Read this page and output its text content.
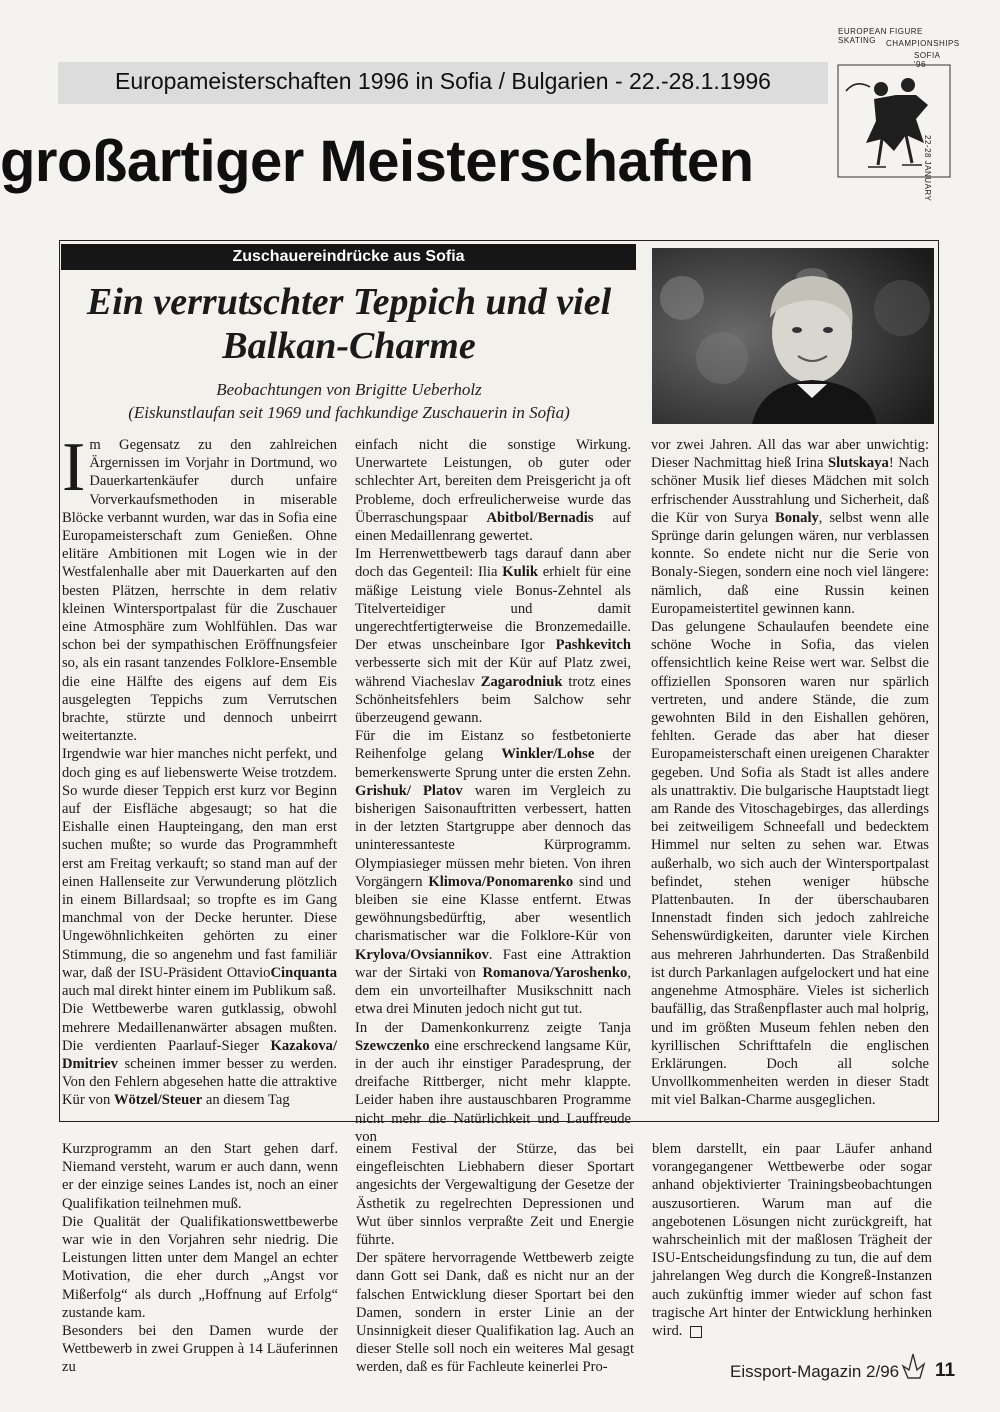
Europameisterschaften 1996 in Sofia / Bulgarien - 22.-28.1.1996
großartiger Meisterschaften
EUROPEAN FIGURE SKATING	CHAMPIONSHIPS
SOFIA '96
22-28 JANUARY
Zuschauereindrücke aus Sofia
Ein verrutschter Teppich und viel
Balkan-Charme
Beobachtungen von Brigitte Ueberholz
(Eiskunstlaufan seit 1969 und fachkundige Zuschauerin in Sofia)

Im Gegensatz zu den zahlreichen Ärgernissen im Vorjahr in Dortmund, wo Dauerkartenkäufer durch unfaire Vorverkaufsmethoden in miserable Blöcke verbannt wurden, war das in Sofia eine Europameisterschaft zum Genießen. Ohne elitäre Ambitionen mit Logen wie in der Westfalenhalle aber mit Dauerkarten auf den besten Plätzen, herrschte in dem relativ kleinen Wintersportpalast für die Zuschauer eine Atmosphäre zum Wohlfühlen. Das war schon bei der sympathischen Eröffnungsfeier so, als ein rasant tanzendes Folklore-Ensemble die eine Hälfte des eigens auf dem Eis ausgelegten Teppichs zum Verrutschen brachte, stürzte und dennoch unbeirrt weitertanzte.

Irgendwie war hier manches nicht perfekt, und doch ging es auf liebenswerte Weise trotzdem. So wurde dieser Teppich erst kurz vor Beginn auf der Eisfläche abgesaugt; so hat die Eishalle einen Haupteingang, den man erst suchen mußte; so wurde das Programmheft erst am Freitag verkauft; so stand man auf der einen Hallenseite zur Verwunderung plötzlich in einem Billardsaal; so tropfte es im Gang manchmal von der Decke herunter. Diese Ungewöhnlichkeiten gehörten zu einer Stimmung, die so angenehm und fast familiär war, daß der ISU-Präsident OttavioCinquanta auch mal direkt hinter einem im Publikum saß.

Die Wettbewerbe waren gutklassig, obwohl mehrere Medaillenanwärter absagen mußten. Die verdienten Paarlauf-Sieger Kazakova/ Dmitriev scheinen immer besser zu werden. Von den Fehlern abgesehen hatte die attraktive Kür von Wötzel/Steuer an diesem Tag

einfach nicht die sonstige Wirkung. Unerwartete Leistungen, ob guter oder schlechter Art, bereiten dem Preisgericht ja oft Probleme, doch erfreulicherweise wurde das Überraschungspaar Abitbol/Bernadis auf einen Medaillenrang gewertet.

Im Herrenwettbewerb tags darauf dann aber doch das Gegenteil: Ilia Kulik erhielt für eine mäßige Leistung viele Bonus-Zehntel als Titelverteidiger und damit ungerechtfertigterweise die Bronzemedaille. Der etwas unscheinbare Igor Pashkevitch verbesserte sich mit der Kür auf Platz zwei, während Viacheslav Zagarodniuk trotz eines Schönheitsfehlers beim Salchow sehr überzeugend gewann.

Für die im Eistanz so festbetonierte Reihenfolge gelang Winkler/Lohse der bemerkenswerte Sprung unter die ersten Zehn. Grishuk/ Platov waren im Vergleich zu bisherigen Saisonauftritten verbessert, hatten in der letzten Startgruppe aber dennoch das uninteressanteste Kürprogramm. Olympiasieger müssen mehr bieten. Von ihren Vorgängern Klimova/Ponomarenko sind und bleiben sie eine Klasse entfernt. Etwas gewöhnungsbedürftig, aber wesentlich charismatischer war die Folklore-Kür von Krylova/Ovsiannikov. Fast eine Attraktion war der Sirtaki von Romanova/Yaroshenko, dem ein unvorteilhafter Musikschnitt nach etwa drei Minuten jedoch nicht gut tut.

In der Damenkonkurrenz zeigte Tanja Szewczenko eine erschreckend langsame Kür, in der auch ihr einstiger Paradesprung, der dreifache Rittberger, nicht mehr klappte. Leider haben ihre austauschbaren Programme nicht mehr die Natürlichkeit und Lauffreude von

vor zwei Jahren. All das war aber unwichtig: Dieser Nachmittag hieß Irina Slutskaya! Nach schöner Musik lief dieses Mädchen mit solch erfrischender Ausstrahlung und Sicherheit, daß die Kür von Surya Bonaly, selbst wenn alle Sprünge darin gelungen wären, nur verblassen konnte. So endete nicht nur die Serie von Bonaly-Siegen, sondern eine noch viel längere: nämlich, daß eine Russin keinen Europameistertitel gewinnen kann.

Das gelungene Schaulaufen beendete eine schöne Woche in Sofia, das vielen offensichtlich keine Reise wert war. Selbst die offiziellen Sponsoren waren nur spärlich vertreten, und andere Stände, die zum gewohnten Bild in den Eishallen gehören, fehlten. Gerade das aber hat dieser Europameisterschaft einen ureigenen Charakter gegeben. Und Sofia als Stadt ist alles andere als unattraktiv. Die bulgarische Hauptstadt liegt am Rande des Vitoschagebirges, das allerdings bei zeitweiligem Schneefall und bedecktem Himmel nur selten zu sehen war. Etwas außerhalb, wo sich auch der Wintersportpalast befindet, stehen weniger hübsche Plattenbauten. In der überschaubaren Innenstadt finden sich jedoch zahlreiche Sehenswürdigkeiten, darunter viele Kirchen aus mehreren Jahrhunderten. Das Straßenbild ist durch Parkanlagen aufgelockert und hat eine angenehme Atmosphäre. Vieles ist sicherlich baufällig, das Straßenpflaster auch mal holprig, und im größten Museum fehlen neben den kyrillischen Schrifttafeln die englischen Erklärungen. Doch all solche Unvollkommenheiten werden in dieser Stadt mit viel Balkan-Charme ausgeglichen.

Kurzprogramm an den Start gehen darf. Niemand versteht, warum er auch dann, wenn er der einzige seines Landes ist, noch an einer Qualifikation teilnehmen muß.

Die Qualität der Qualifikationswettbewerbe war wie in den Vorjahren sehr niedrig. Die Leistungen litten unter dem Mangel an echter Motivation, die eher durch „Angst vor Mißerfolg“ als durch „Hoffnung auf Erfolg“ zustande kam.

Besonders bei den Damen wurde der Wettbewerb in zwei Gruppen à 14 Läuferinnen zu

einem Festival der Stürze, das bei eingefleischten Liebhabern dieser Sportart angesichts der Vergewaltigung der Gesetze der Ästhetik zu regelrechten Depressionen und Wut über sinnlos verpraßte Zeit und Energie führte.

Der spätere hervorragende Wettbewerb zeigte dann Gott sei Dank, daß es nicht nur an der falschen Entwicklung dieser Sportart bei den Damen, sondern in erster Linie an der Unsinnigkeit dieser Qualifikation lag. Auch an dieser Stelle soll noch ein weiteres Mal gesagt werden, daß es für Fachleute keinerlei Pro-

blem darstellt, ein paar Läufer anhand vorangegangener Wettbewerbe oder sogar anhand objektivierter Trainingsbeobachtungen auszusortieren. Warum man auf die angebotenen Lösungen nicht zurückgreift, hat wahrscheinlich mit der maßlosen Trägheit der ISU-Entscheidungsfindung zu tun, die auf dem jahrelangen Weg durch die Kongreß-Instanzen auch zukünftig immer wieder auf schon fast tragische Art hinter der Entwicklung herhinken wird.

Eissport-Magazin 2/96 11
